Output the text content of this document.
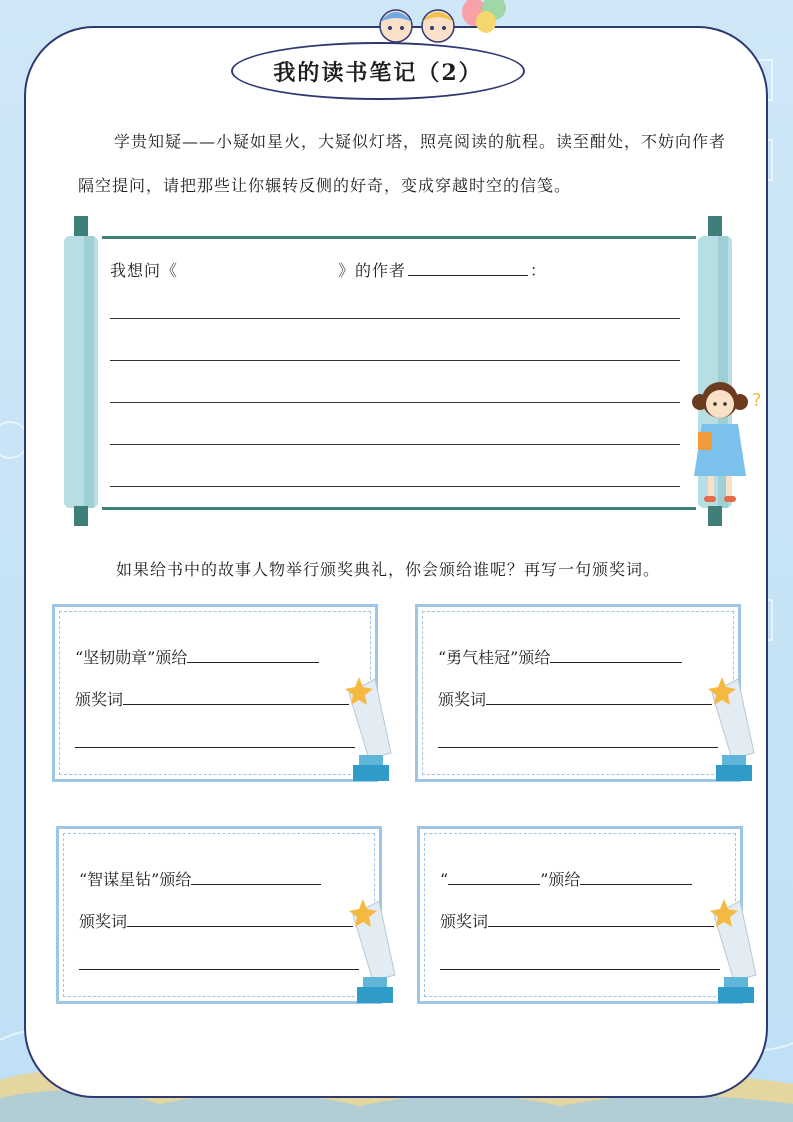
我的读书笔记（2）
学贵知疑——小疑如星火，大疑似灯塔，照亮阅读的航程。读至酣处，不妨向作者隔空提问，请把那些让你辗转反侧的好奇，变成穿越时空的信笺。
我想问《	》的作者	：
?
如果给书中的故事人物举行颁奖典礼，你会颁给谁呢？再写一句颁奖词。
“坚韧勋章”颁给
颁奖词
“勇气桂冠”颁给
颁奖词
“智谋星钻”颁给
颁奖词
“	”颁给
颁奖词
